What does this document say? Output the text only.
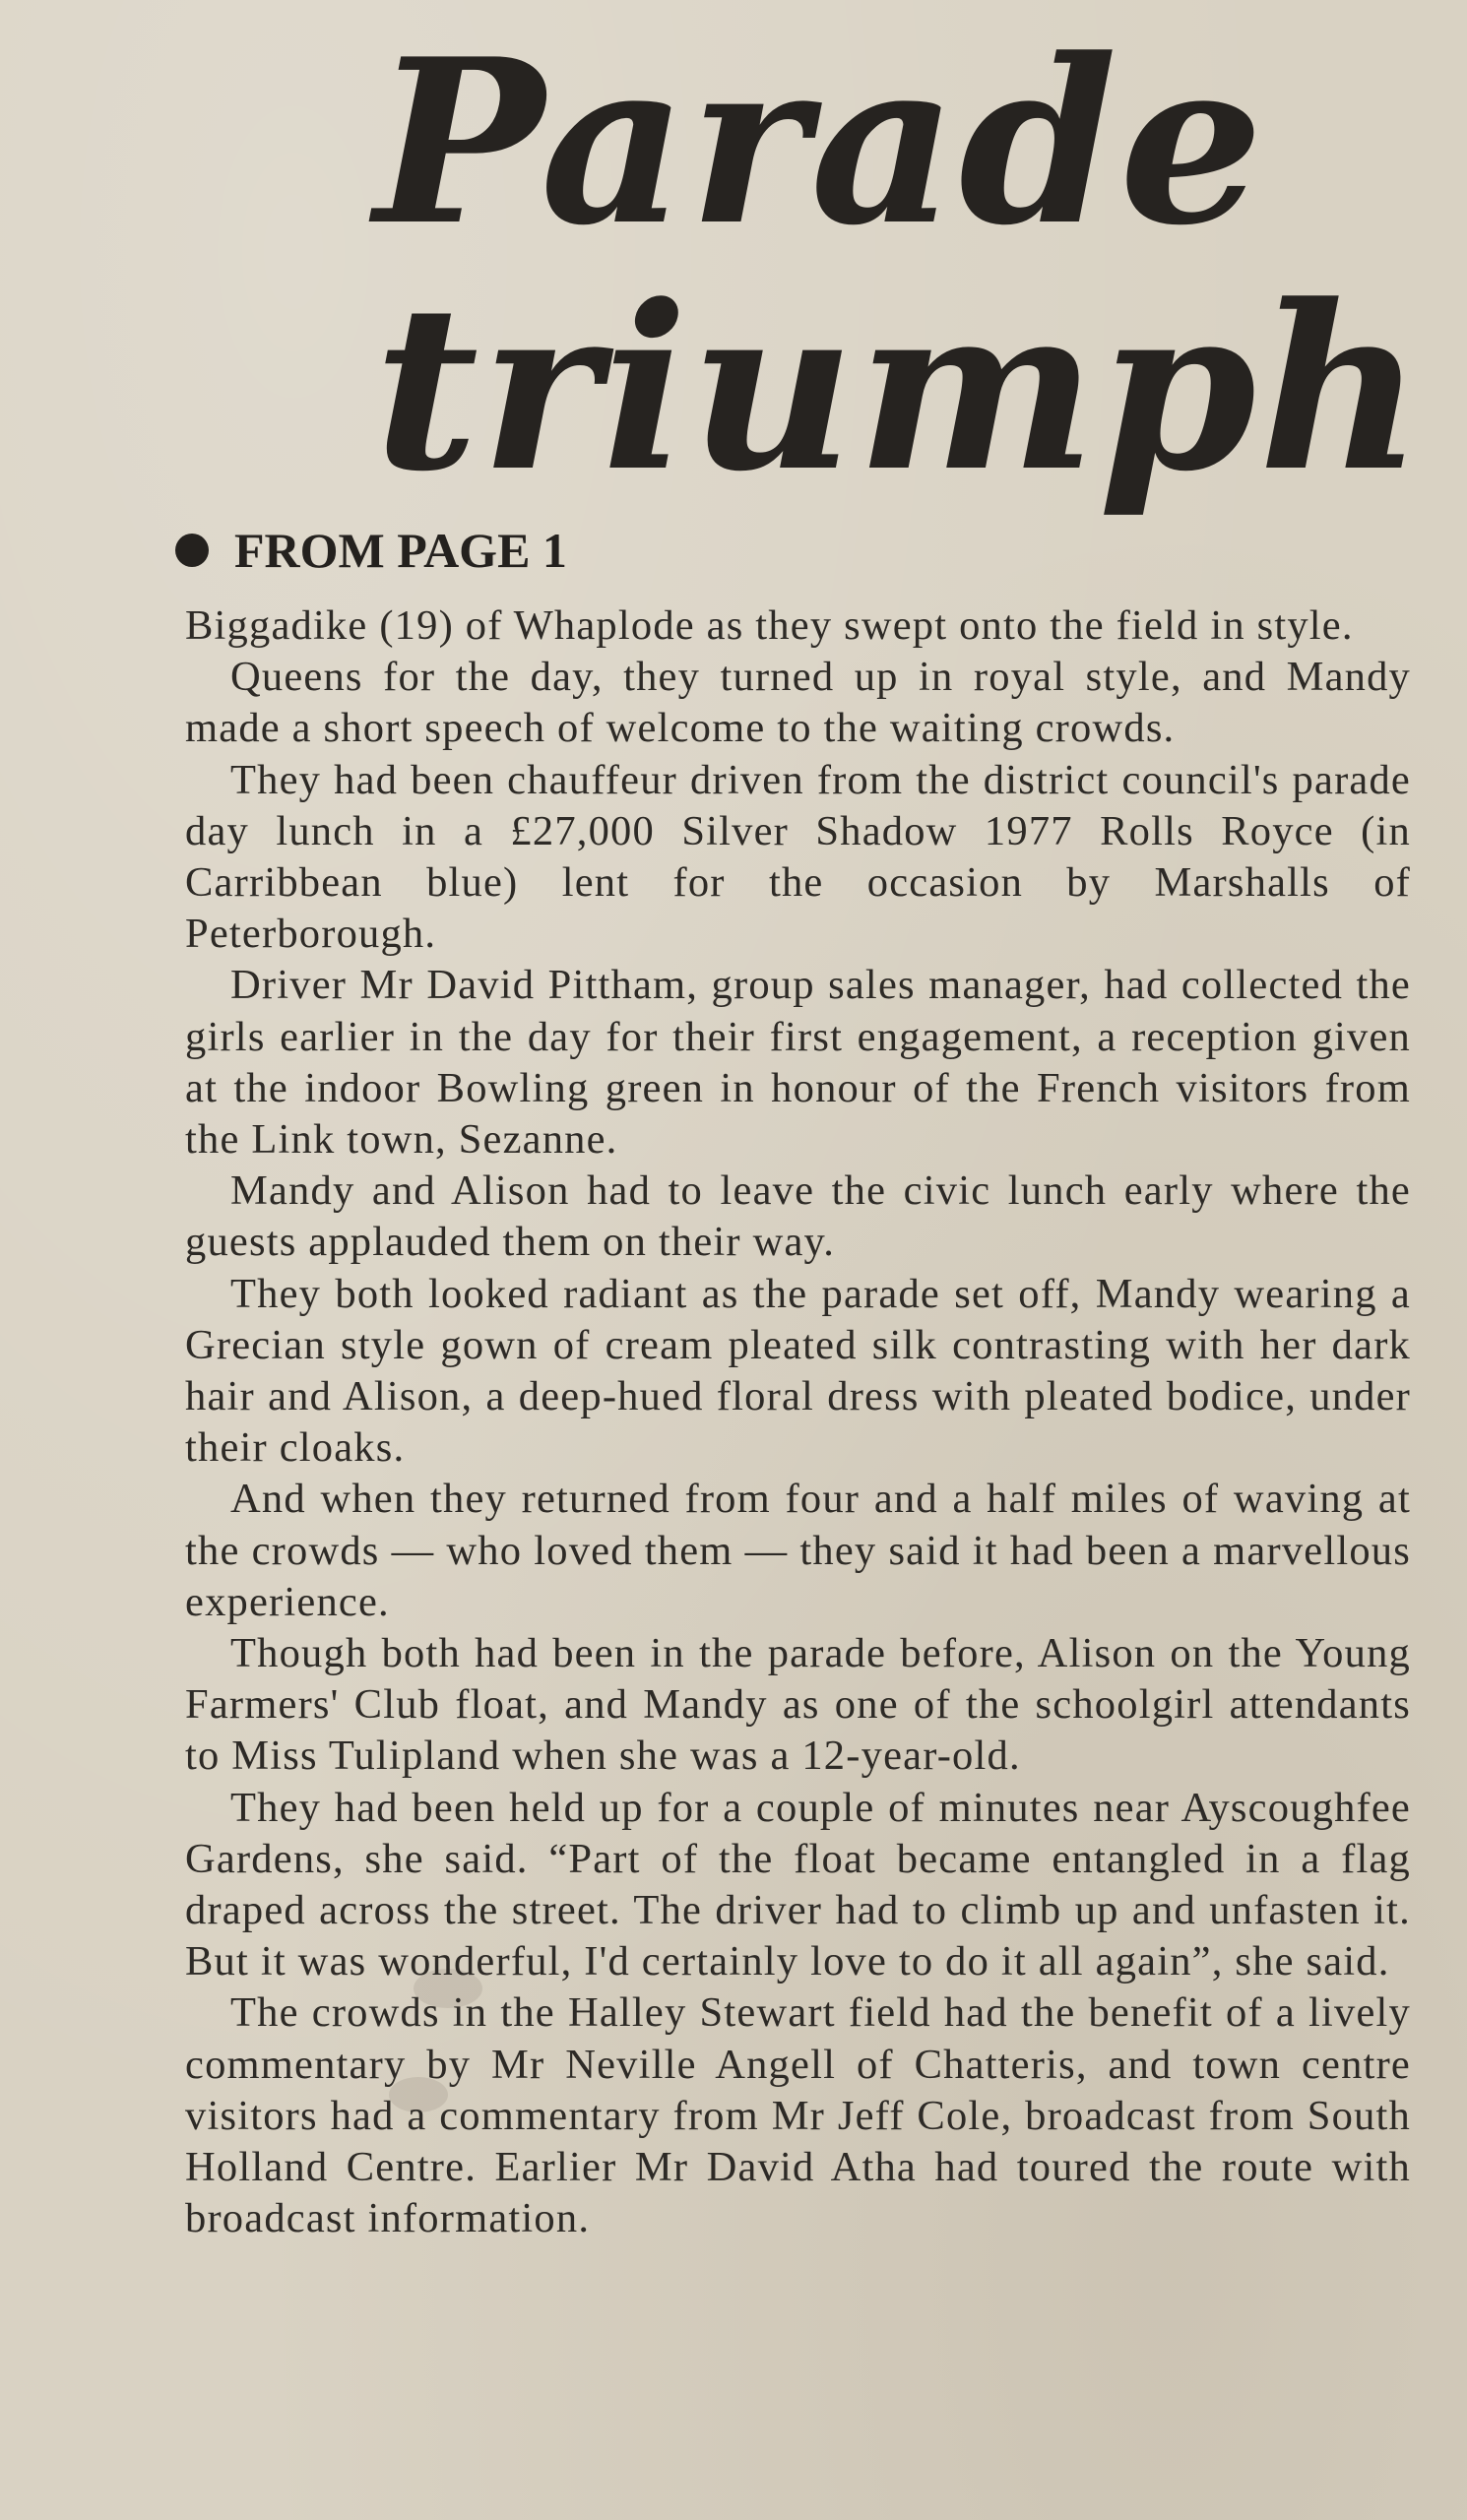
Parade
triumph
FROM PAGE 1

Biggadike (19) of Whaplode as they swept onto the field in style.

Queens for the day, they turned up in royal style, and Mandy made a short speech of welcome to the waiting crowds.

They had been chauffeur driven from the district council's parade day lunch in a £27,000 Silver Shadow 1977 Rolls Royce (in Carribbean blue) lent for the occasion by Marshalls of Peterborough.

Driver Mr David Pittham, group sales manager, had collected the girls earlier in the day for their first engagement, a reception given at the indoor Bowling green in honour of the French visitors from the Link town, Sezanne.

Mandy and Alison had to leave the civic lunch early where the guests applauded them on their way.

They both looked radiant as the parade set off, Mandy wearing a Grecian style gown of cream pleated silk contrasting with her dark hair and Alison, a deep-hued floral dress with pleated bodice, under their cloaks.

And when they returned from four and a half miles of waving at the crowds — who loved them — they said it had been a marvellous experience.

Though both had been in the parade before, Alison on the Young Farmers' Club float, and Mandy as one of the schoolgirl attendants to Miss Tulipland when she was a 12-year-old.

They had been held up for a couple of minutes near Ayscoughfee Gardens, she said. “Part of the float became entangled in a flag draped across the street. The driver had to climb up and unfasten it. But it was wonderful, I'd certainly love to do it all again”, she said.

The crowds in the Halley Stewart field had the benefit of a lively commentary by Mr Neville Angell of Chatteris, and town centre visitors had a commentary from Mr Jeff Cole, broadcast from South Holland Centre. Earlier Mr David Atha had toured the route with broadcast information.
